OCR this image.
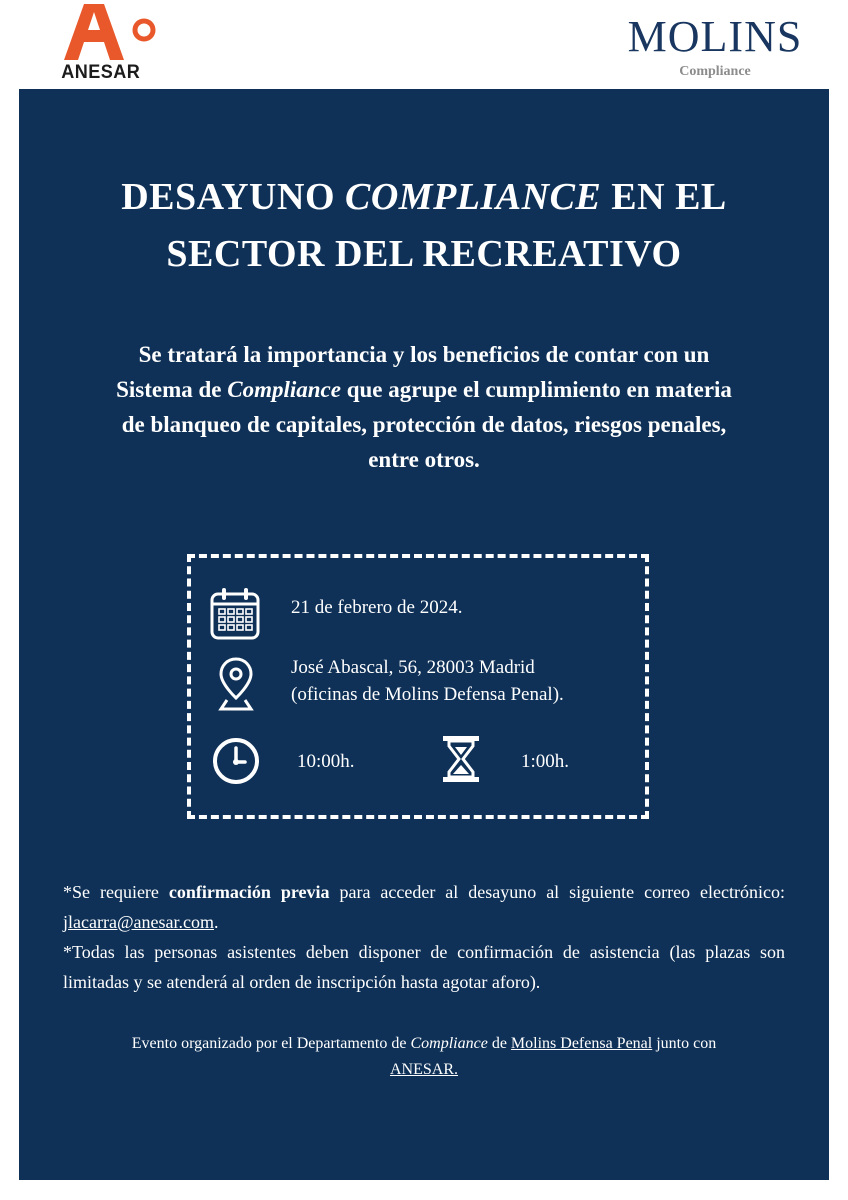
ANESAR
MOLINS
Compliance
DESAYUNO COMPLIANCE EN EL
SECTOR DEL RECREATIVO

Se tratará la importancia y los beneficios de contar con un Sistema de Compliance que agrupe el cumplimiento en materia de blanqueo de capitales, protección de datos, riesgos penales, entre otros.

21 de febrero de 2024.

José Abascal, 56, 28003 Madrid
(oficinas de Molins Defensa Penal).

10:00h.	1:00h.

*Se requiere confirmación previa para acceder al desayuno al siguiente correo electrónico: jlacarra@anesar.com.

*Todas las personas asistentes deben disponer de confirmación de asistencia (las plazas son limitadas y se atenderá al orden de inscripción hasta agotar aforo).

Evento organizado por el Departamento de Compliance de Molins Defensa Penal junto con
ANESAR.
